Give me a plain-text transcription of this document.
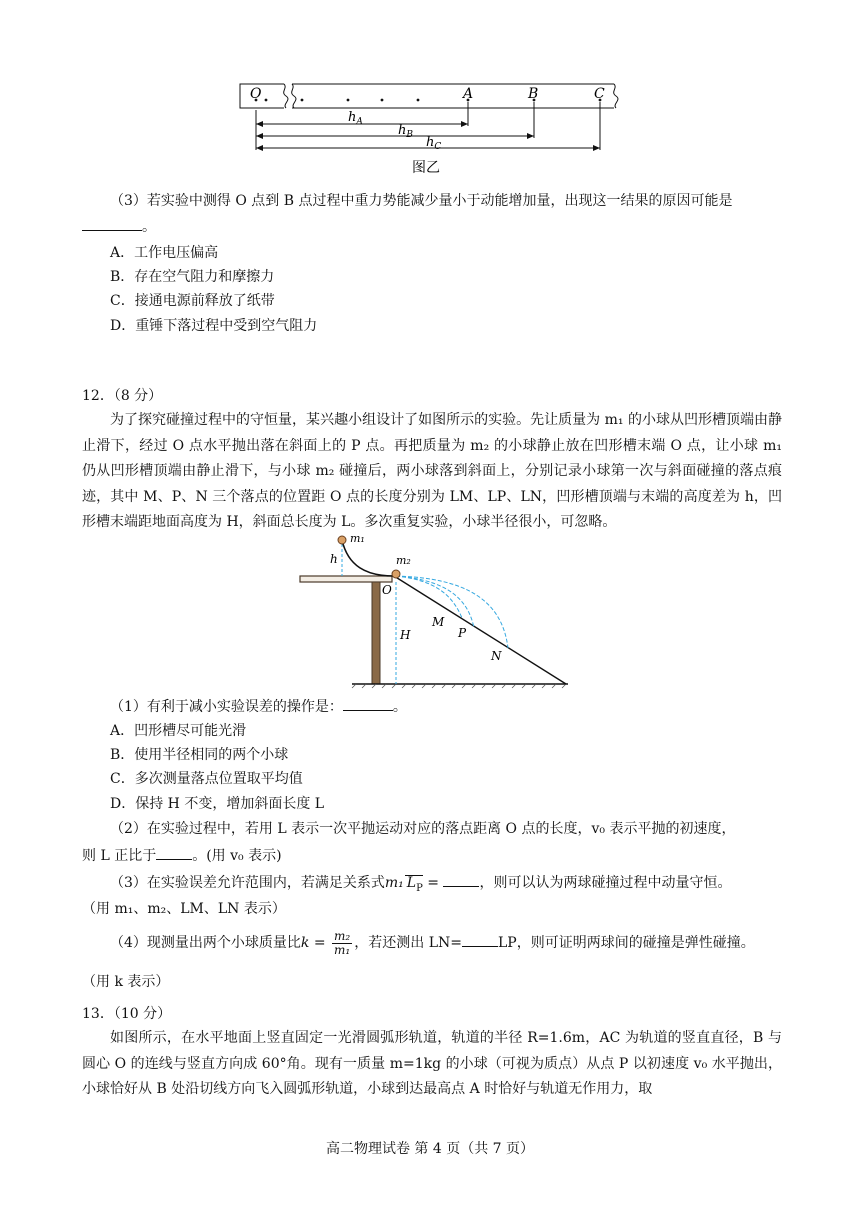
O	A	B	C
$h_A$
$h_B$ $h_C$
图乙
（3）若实验中测得 O 点到 B 点过程中重力势能减少量小于动能增加量，出现这一结果的原因可能是
。
A．工作电压偏高
B．存在空气阻力和摩擦力
C．接通电源前释放了纸带
D．重锤下落过程中受到空气阻力
12．（8 分）
为了探究碰撞过程中的守恒量，某兴趣小组设计了如图所示的实验。先让质量为 m₁ 的小球从凹形槽顶端由静止滑下，经过 O 点水平抛出落在斜面上的 P 点。再把质量为 m₂ 的小球静止放在凹形槽末端 O 点，让小球 m₁ 仍从凹形槽顶端由静止滑下，与小球 m₂ 碰撞后，两小球落到斜面上，分别记录小球第一次与斜面碰撞的落点痕迹，其中 M、P、N 三个落点的位置距 O 点的长度分别为 LM、LP、LN，凹形槽顶端与末端的高度差为 h，凹形槽末端距地面高度为 H，斜面总长度为 L。多次重复实验，小球半径很小，可忽略。
m₁
m₂
h
O
H
M
P
N
（1）有利于减小实验误差的操作是：	。
A．凹形槽尽可能光滑
B．使用半径相同的两个小球
C．多次测量落点位置取平均值
D．保持 H 不变，增加斜面长度 L
（2）在实验过程中，若用 L 表示一次平抛运动对应的落点距离 O 点的长度，v₀ 表示平抛的初速度，
则 L 正比于	。(用 v₀ 表示)
（3）在实验误差允许范围内，若满足关系式m₁ $L_P$ =	，则可以认为两球碰撞过程中动量守恒。
（用 m₁、m₂、LM、LN 表示）
（4）现测量出两个小球质量比$k = \frac{\text{m₂}}{\text{m₁}}$ ，若还测出 LN=	LP，则可证明两球间的碰撞是弹性碰撞。
（用 k 表示）
13．（10 分）
如图所示，在水平地面上竖直固定一光滑圆弧形轨道，轨道的半径 R=1.6m，AC 为轨道的竖直直径，B 与圆心 O 的连线与竖直方向成 60°角。现有一质量 m=1kg 的小球（可视为质点）从点 P 以初速度 v₀ 水平抛出，小球恰好从 B 处沿切线方向飞入圆弧形轨道，小球到达最高点 A 时恰好与轨道无作用力，取
高二物理试卷 第 4 页（共 7 页）
